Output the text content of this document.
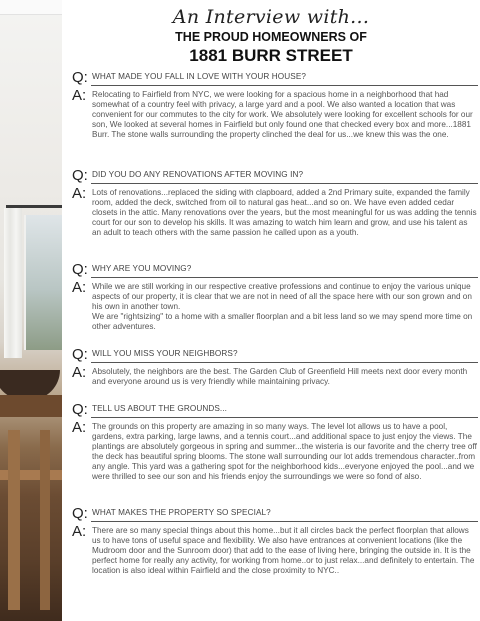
An Interview with...
THE PROUD HOMEOWNERS OF
1881 BURR STREET
Q: WHAT MADE YOU FALL IN LOVE WITH YOUR HOUSE?
A: Relocating to Fairfield from NYC, we were looking for a spacious home in a neighborhood that had somewhat of a country feel with privacy, a large yard and a pool. We also wanted a location that was convenient for our commutes to the city for work. We absolutely were looking for excellent schools for our son, We looked at several homes in Fairfield but only found one that checked every box and more...1881 Burr. The stone walls surrounding the property clinched the deal for us...we knew this was the one.
Q: DID YOU DO ANY RENOVATIONS AFTER MOVING IN?
A: Lots of renovations...replaced the siding with clapboard, added a 2nd Primary suite, expanded the family room, added the deck, switched from oil to natural gas heat...and so on. We have even added cedar closets in the attic. Many renovations over the years, but the most meaningful for us was adding the tennis court for our son to develop his skills. It was amazing to watch him learn and grow, and use his talent as an adult to teach others with the same passion he called upon as a youth.
Q: WHY ARE YOU MOVING?
A: While we are still working in our respective creative professions and continue to enjoy the various unique aspects of our property, it is clear that we are not in need of all the space here with our son grown and on his own in another town.
We are "rightsizing" to a home with a smaller floorplan and a bit less land so we may spend more time on other adventures.
Q: WILL YOU MISS YOUR NEIGHBORS?
A: Absolutely, the neighbors are the best. The Garden Club of Greenfield Hill meets next door every month and everyone around us is very friendly while maintaining privacy.
Q: TELL US ABOUT THE GROUNDS...
A: The grounds on this property are amazing in so many ways. The level lot allows us to have a pool, gardens, extra parking, large lawns, and a tennis court...and additional space to just enjoy the views. The plantings are absolutely gorgeous in spring and summer...the wisteria is our favorite and the cherry tree off the deck has beautiful spring blooms. The stone wall surrounding our lot adds tremendous character..from any angle. This yard was a gathering spot for the neighborhood kids...everyone enjoyed the pool...and we were thrilled to see our son and his friends enjoy the surroundings we were so fond of also.
Q: WHAT MAKES THE PROPERTY SO SPECIAL?
A: There are so many special things about this home...but it all circles back the perfect floorplan that allows us to have tons of useful space and flexibility. We also have entrances at convenient locations (like the Mudroom door and the Sunroom door) that add to the ease of living here, bringing the outside in. It is the perfect home for really any activity, for working from home..or to just relax...and definitely to entertain. The location is also ideal within Fairfield and the close proximity to NYC..
